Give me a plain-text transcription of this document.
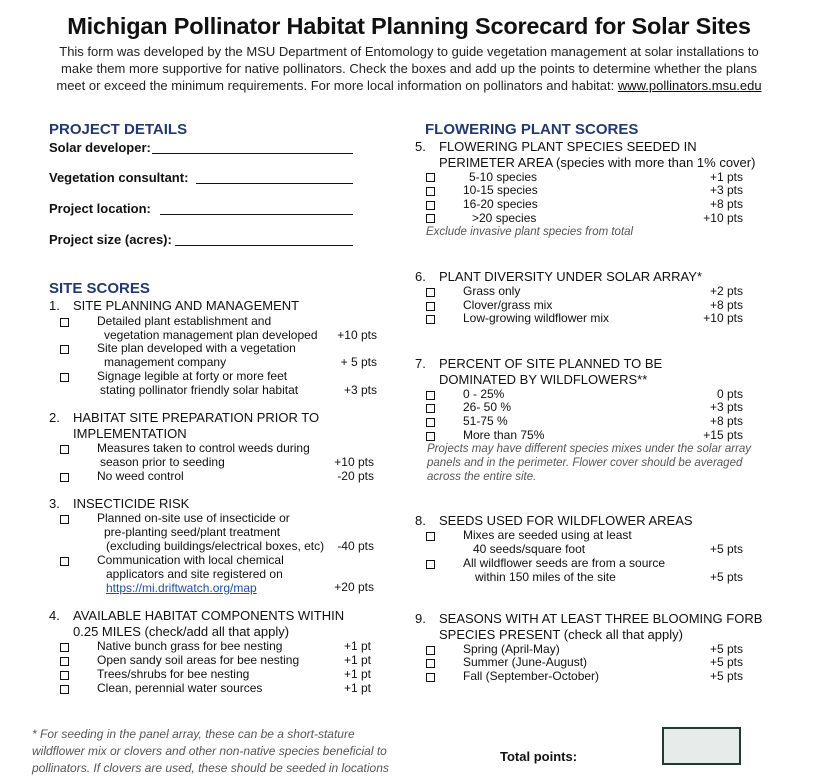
Michigan Pollinator Habitat Planning Scorecard for Solar Sites
This form was developed by the MSU Department of Entomology to guide vegetation management at solar installations to
make them more supportive for native pollinators. Check the boxes and add up the points to determine whether the plans
meet or exceed the minimum requirements. For more local information on pollinators and habitat: www.pollinators.msu.edu
PROJECT DETAILS
Solar developer:
Vegetation consultant:
Project location:
Project size (acres):
SITE SCORES
1. SITE PLANNING AND MANAGEMENT
Detailed plant establishment and
vegetation management plan developed	+10 pts
Site plan developed with a vegetation
management company	+ 5 pts
Signage legible at forty or more feet
stating pollinator friendly solar habitat	+3 pts
2. HABITAT SITE PREPARATION PRIOR TO
IMPLEMENTATION
Measures taken to control weeds during
season prior to seeding	+10 pts
No weed control	-20 pts
3. INSECTICIDE RISK
Planned on-site use of insecticide or
pre-planting seed/plant treatment
(excluding buildings/electrical boxes, etc)	-40 pts
Communication with local chemical
applicators and site registered on
https://mi.driftwatch.org/map	+20 pts
4. AVAILABLE HABITAT COMPONENTS WITHIN
0.25 MILES (check/add all that apply)
Native bunch grass for bee nesting	+1 pt
Open sandy soil areas for bee nesting	+1 pt
Trees/shrubs for bee nesting	+1 pt
Clean, perennial water sources	+1 pt
FLOWERING PLANT SCORES
5. FLOWERING PLANT SPECIES SEEDED IN
PERIMETER AREA (species with more than 1% cover)
5-10 species	+1 pts
10-15 species	+3 pts
16-20 species	+8 pts
>20 species	+10 pts
Exclude invasive plant species from total
6. PLANT DIVERSITY UNDER SOLAR ARRAY*
Grass only	+2 pts
Clover/grass mix	+8 pts
Low-growing wildflower mix	+10 pts
7. PERCENT OF SITE PLANNED TO BE
DOMINATED BY WILDFLOWERS**
0 - 25%	0 pts
26- 50 %	+3 pts
51-75 %	+8 pts
More than 75%	+15 pts
Projects may have different species mixes under the solar array
panels and in the perimeter. Flower cover should be averaged
across the entire site.
8. SEEDS USED FOR WILDFLOWER AREAS
Mixes are seeded using at least
40 seeds/square foot	+5 pts
All wildflower seeds are from a source
within 150 miles of the site	+5 pts
9. SEASONS WITH AT LEAST THREE BLOOMING FORB
SPECIES PRESENT (check all that apply)
Spring (April-May)	+5 pts
Summer (June-August)	+5 pts
Fall (September-October)	+5 pts
* For seeding in the panel array, these can be a short-stature
wildflower mix or clovers and other non-native species beneficial to
pollinators. If clovers are used, these should be seeded in locations
Total points:
